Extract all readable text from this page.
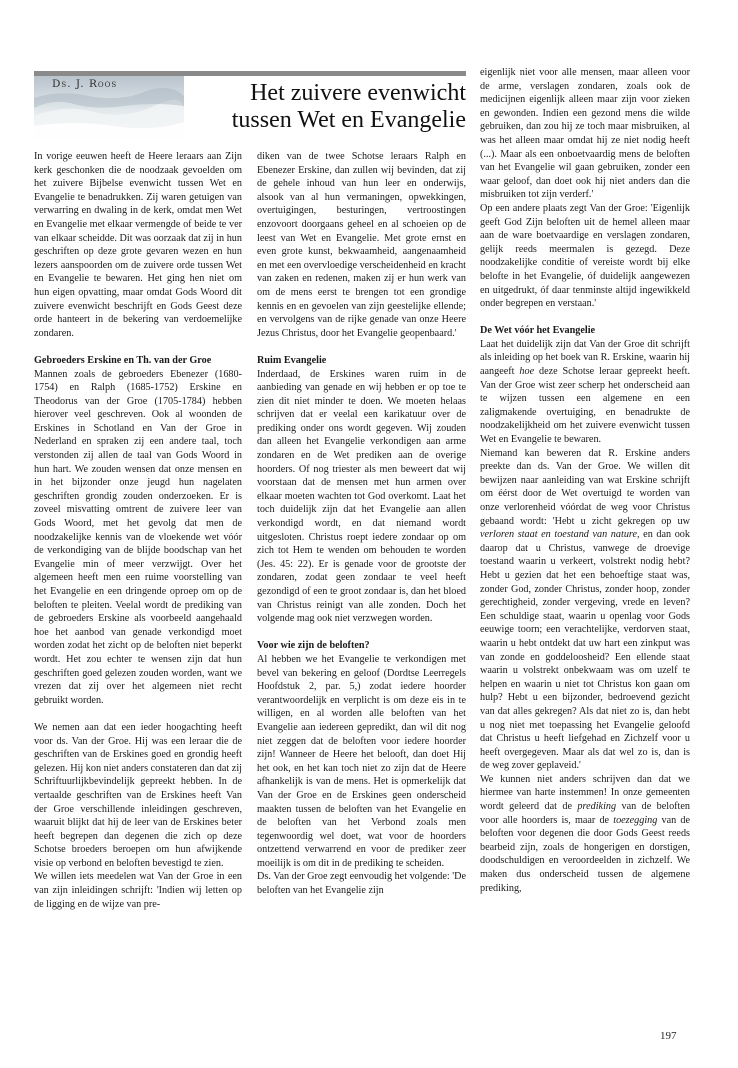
Ds. J. Roos	Het zuivere evenwicht
tussen Wet en Evangelie

In vorige eeuwen heeft de Heere leraars aan Zijn kerk geschonken die de noodzaak gevoelden om het zuivere Bijbelse evenwicht tussen Wet en Evangelie te benadrukken. Zij waren getuigen van verwarring en dwaling in de kerk, omdat men Wet en Evangelie met elkaar vermengde of beide te ver van elkaar scheidde. Dit was oorzaak dat zij in hun geschriften op deze grote gevaren wezen en hun lezers aanspoorden om de zuivere orde tussen Wet en Evangelie te bewaren. Het ging hen niet om hun eigen opvatting, maar omdat Gods Woord dit zuivere evenwicht beschrijft en Gods Geest deze orde hanteert in de bekering van verdoemelijke zondaren.

Gebroeders Erskine en Th. van der Groe

Mannen zoals de gebroeders Ebenezer (1680-1754) en Ralph (1685-1752) Erskine en Theodorus van der Groe (1705-1784) hebben hierover veel geschreven. Ook al woonden de Erskines in Schotland en Van der Groe in Nederland en spraken zij een andere taal, toch verstonden zij allen de taal van Gods Woord in hun hart. We zouden wensen dat onze mensen en in het bijzonder onze jeugd hun nagelaten geschriften grondig zouden onderzoeken. Er is zoveel misvatting omtrent de zuivere leer van Gods Woord, met het gevolg dat men de noodzakelijke kennis van de vloekende wet vóór de verkondiging van de blijde boodschap van het Evangelie min of meer verzwijgt. Over het algemeen heeft men een ruime voorstelling van het Evangelie en een dringende oproep om op de beloften te pleiten. Veelal wordt de prediking van de gebroeders Erskine als voorbeeld aangehaald hoe het aanbod van genade verkondigd moet worden zodat het zicht op de beloften niet beperkt wordt. Het zou echter te wensen zijn dat hun geschriften goed gelezen zouden worden, want we vrezen dat zij over het algemeen niet recht gebruikt worden.

We nemen aan dat een ieder hoogachting heeft voor ds. Van der Groe. Hij was een leraar die de geschriften van de Erskines goed en grondig heeft gelezen. Hij kon niet anders constateren dan dat zij Schriftuurlijkbevindelijk gepreekt hebben. In de vertaalde geschriften van de Erskines heeft Van der Groe verschillende inleidingen geschreven, waaruit blijkt dat hij de leer van de Erskines beter heeft begrepen dan degenen die zich op deze Schotse broeders beroepen om hun afwijkende visie op verbond en beloften bevestigd te zien.

We willen iets meedelen wat Van der Groe in een van zijn inleidingen schrijft: 'Indien wij letten op de ligging en de wijze van pre-

diken van de twee Schotse leraars Ralph en Ebenezer Erskine, dan zullen wij bevinden, dat zij de gehele inhoud van hun leer en onderwijs, alsook van al hun vermaningen, opwekkingen, overtuigingen, besturingen, vertroostingen enzovoort doorgaans geheel en al schoeien op de leest van Wet en Evangelie. Met grote ernst en even grote kunst, bekwaamheid, aangenaamheid en met een overvloedige verscheidenheid en kracht van zaken en redenen, maken zij er hun werk van om de mens eerst te brengen tot een grondige kennis en en gevoelen van zijn geestelijke ellende; en vervolgens van de rijke genade van onze Heere Jezus Christus, door het Evangelie geopenbaard.'

Ruim Evangelie

Inderdaad, de Erskines waren ruim in de aanbieding van genade en wij hebben er op toe te zien dit niet minder te doen. We moeten helaas schrijven dat er veelal een karikatuur over de prediking onder ons wordt gegeven. Wij zouden dan alleen het Evangelie verkondigen aan arme zondaren en de Wet prediken aan de overige hoorders. Of nog triester als men beweert dat wij voorstaan dat de mensen met hun armen over elkaar moeten wachten tot God overkomt. Laat het toch duidelijk zijn dat het Evangelie aan allen verkondigd wordt, en dat niemand wordt uitgesloten. Christus roept iedere zondaar op om zich tot Hem te wenden om behouden te worden (Jes. 45: 22). Er is genade voor de grootste der zondaren, zodat geen zondaar te veel heeft gezondigd of een te groot zondaar is, dan het bloed van Christus reinigt van alle zonden. Doch het volgende mag ook niet verzwegen worden.

Voor wie zijn de beloften?

Al hebben we het Evangelie te verkondigen met bevel van bekering en geloof (Dordtse Leerregels Hoofdstuk 2, par. 5,) zodat iedere hoorder verantwoordelijk en verplicht is om deze eis in te willigen, en al worden alle beloften van het Evangelie aan iedereen gepredikt, dan wil dit nog niet zeggen dat de beloften voor iedere hoorder zijn! Wanneer de Heere het belooft, dan doet Hij het ook, en het kan toch niet zo zijn dat de Heere afhankelijk is van de mens. Het is opmerkelijk dat Van der Groe en de Erskines geen onderscheid maakten tussen de beloften van het Evangelie en de beloften van het Verbond zoals men tegenwoordig wel doet, wat voor de hoorders ontzettend verwarrend en voor de prediker zeer moeilijk is om dit in de prediking te scheiden.

Ds. Van der Groe zegt eenvoudig het volgende: 'De beloften van het Evangelie zijn

eigenlijk niet voor alle mensen, maar alleen voor de arme, verslagen zondaren, zoals ook de medicijnen eigenlijk alleen maar zijn voor zieken en gewonden. Indien een gezond mens die wilde gebruiken, dan zou hij ze toch maar misbruiken, al was het alleen maar omdat hij ze niet nodig heeft (...). Maar als een onboetvaardig mens de beloften van het Evangelie wil gaan gebruiken, zonder een waar geloof, dan doet ook hij niet anders dan die misbruiken tot zijn verderf.'

Op een andere plaats zegt Van der Groe: 'Eigenlijk geeft God Zijn beloften uit de hemel alleen maar aan de ware boetvaardige en verslagen zondaren, gelijk reeds meermalen is gezegd. Deze noodzakelijke conditie of vereiste wordt bij elke belofte in het Evangelie, óf duidelijk aangewezen en uitgedrukt, óf daar tenminste altijd ingewikkeld onder begrepen en verstaan.'

De Wet vóór het Evangelie

Laat het duidelijk zijn dat Van der Groe dit schrijft als inleiding op het boek van R. Erskine, waarin hij aangeeft hoe deze Schotse leraar gepreekt heeft. Van der Groe wist zeer scherp het onderscheid aan te wijzen tussen een algemene en een zaligmakende overtuiging, en benadrukte de noodzakelijkheid om het zuivere evenwicht tussen Wet en Evangelie te bewaren.

Niemand kan beweren dat R. Erskine anders preekte dan ds. Van der Groe. We willen dit bewijzen naar aanleiding van wat Erskine schrijft om éérst door de Wet overtuigd te worden van onze verlorenheid vóórdat de weg voor Christus gebaand wordt: 'Hebt u zicht gekregen op uw verloren staat en toestand van nature, en dan ook daarop dat u Christus, vanwege de droevige toestand waarin u verkeert, volstrekt nodig hebt? Hebt u gezien dat het een behoeftige staat was, zonder God, zonder Christus, zonder hoop, zonder gerechtigheid, zonder vergeving, vrede en leven? Een schuldige staat, waarin u openlag voor Gods eeuwige toorn; een verachtelijke, verdorven staat, waarin u hebt ontdekt dat uw hart een zinkput was van zonde en goddeloosheid? Een ellende staat waarin u volstrekt onbekwaam was om uzelf te helpen en waarin u niet tot Christus kon gaan om hulp? Hebt u een bijzonder, bedroevend gezicht van dat alles gekregen? Als dat niet zo is, dan hebt u nog niet met toepassing het Evangelie geloofd dat Christus u heeft liefgehad en Zichzelf voor u heeft overgegeven. Maar als dat wel zo is, dan is de weg zover geplaveid.'

We kunnen niet anders schrijven dan dat we hiermee van harte instemmen! In onze gemeenten wordt geleerd dat de prediking van de beloften voor alle hoorders is, maar de toezegging van de beloften voor degenen die door Gods Geest reeds bearbeid zijn, zoals de hongerigen en dorstigen, doodschuldigen en veroordeelden in zichzelf. We maken dus onderscheid tussen de algemene prediking,

197
